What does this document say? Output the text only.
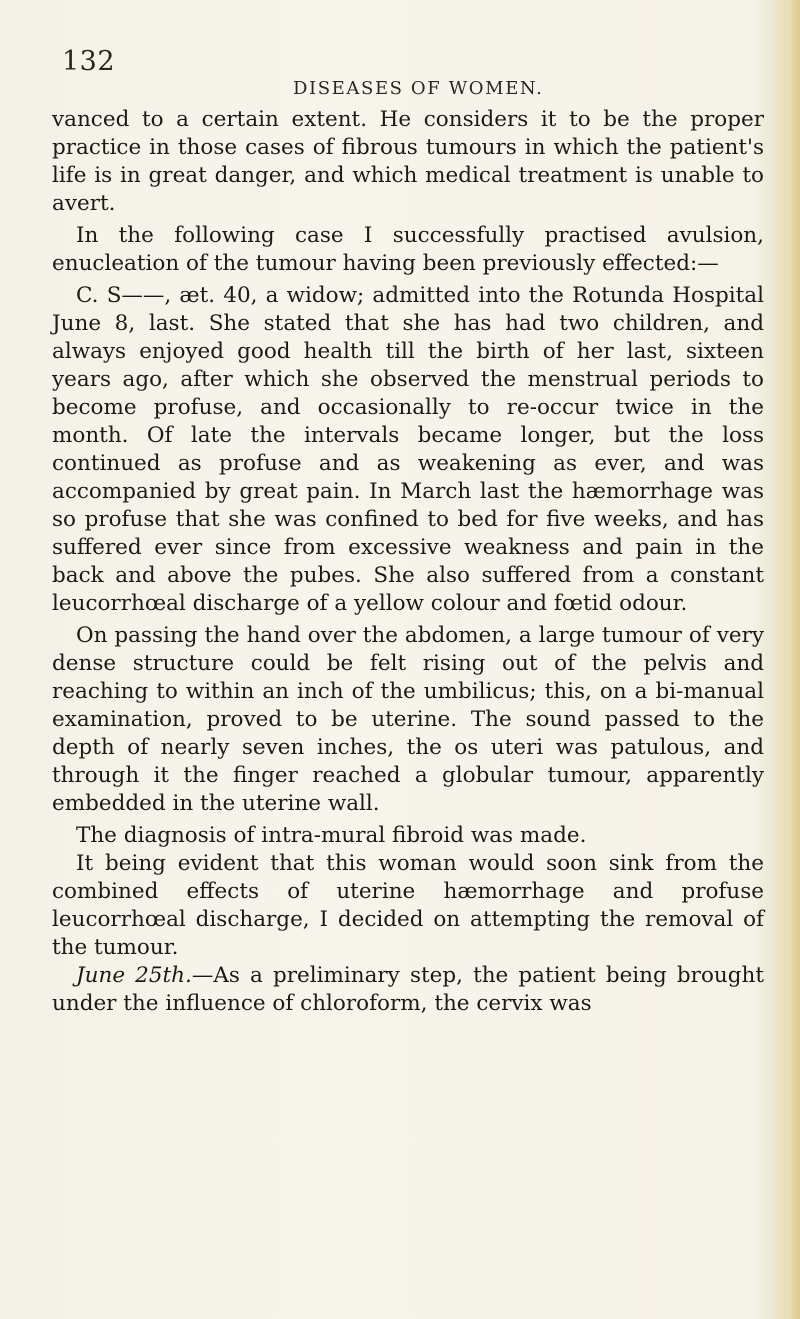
132
DISEASES OF WOMEN.

vanced to a certain extent. He considers it to be the proper practice in those cases of fibrous tumours in which the patient's life is in great danger, and which medical treatment is unable to avert.

In the following case I successfully practised avulsion, enucleation of the tumour having been previously effected:—

C. S——, æt. 40, a widow; admitted into the Rotunda Hospital June 8, last. She stated that she has had two children, and always enjoyed good health till the birth of her last, sixteen years ago, after which she observed the menstrual periods to become profuse, and occasionally to re-occur twice in the month. Of late the intervals became longer, but the loss continued as profuse and as weakening as ever, and was accompanied by great pain. In March last the hæmorrhage was so profuse that she was confined to bed for five weeks, and has suffered ever since from excessive weakness and pain in the back and above the pubes. She also suffered from a constant leucorrhœal discharge of a yellow colour and fœtid odour.

On passing the hand over the abdomen, a large tumour of very dense structure could be felt rising out of the pelvis and reaching to within an inch of the umbilicus; this, on a bi-manual examination, proved to be uterine. The sound passed to the depth of nearly seven inches, the os uteri was patulous, and through it the finger reached a globular tumour, apparently embedded in the uterine wall.

The diagnosis of intra-mural fibroid was made.

It being evident that this woman would soon sink from the combined effects of uterine hæmorrhage and profuse leucorrhœal discharge, I decided on attempting the removal of the tumour.

June 25th.—As a preliminary step, the patient being brought under the influence of chloroform, the cervix was
